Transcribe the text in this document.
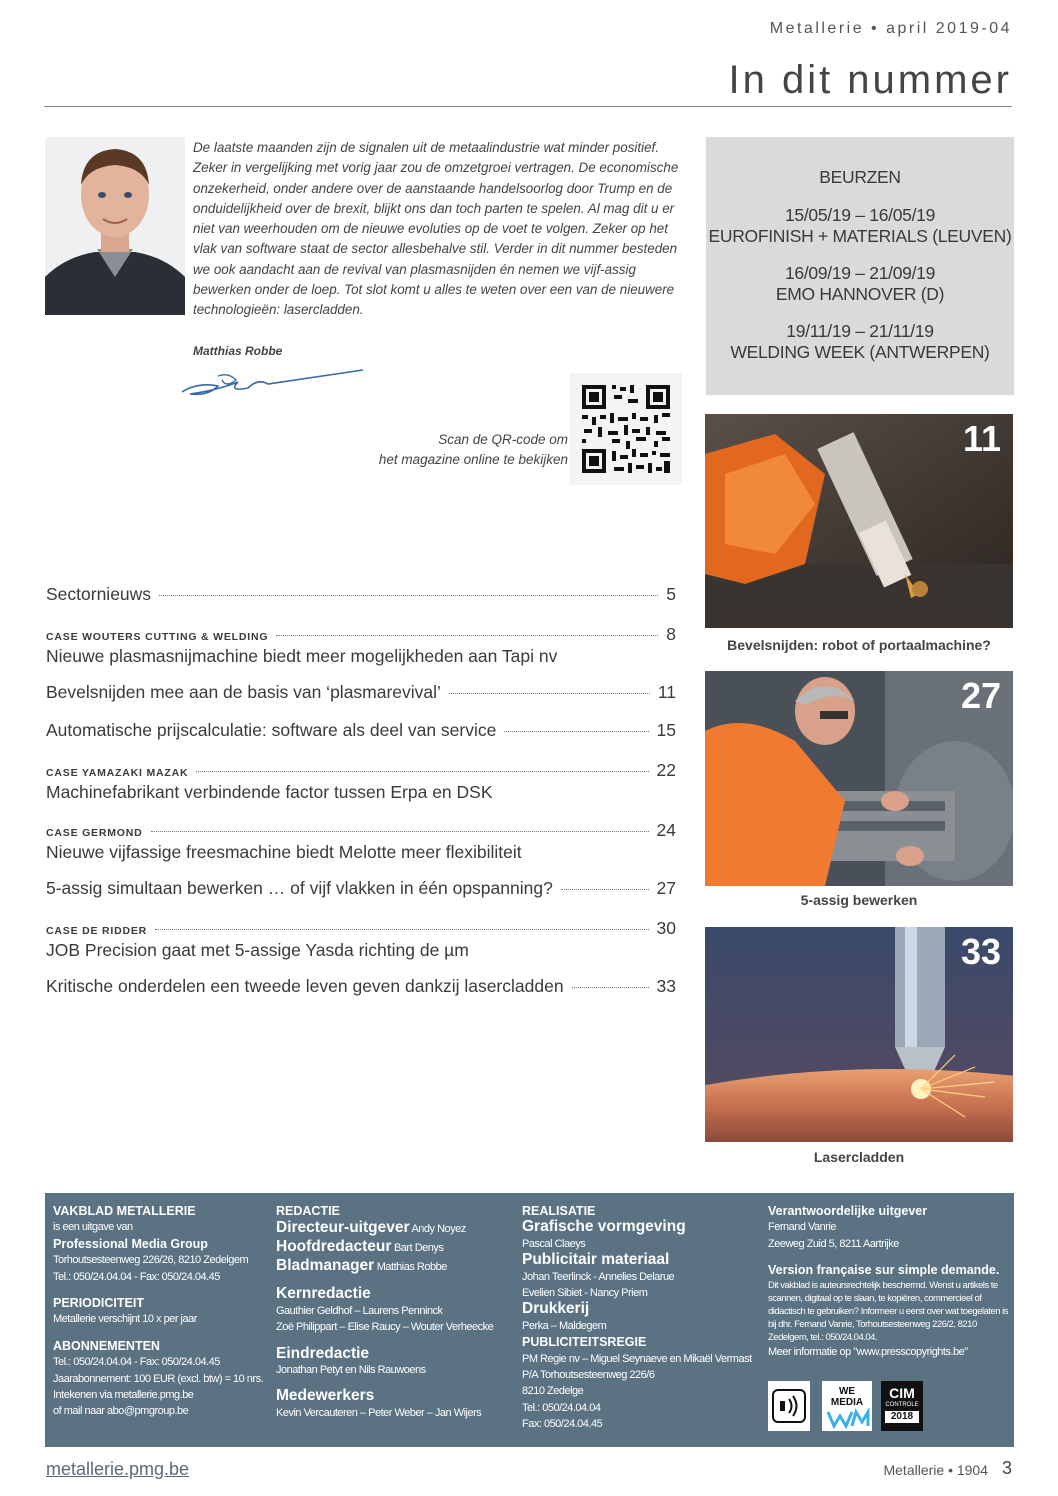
Metallerie • april 2019-04
In dit nummer
De laatste maanden zijn de signalen uit de metaalindustrie wat minder positief. Zeker in vergelijking met vorig jaar zou de omzetgroei vertragen. De economische onzekerheid, onder andere over de aanstaande handelsoorlog door Trump en de onduidelijkheid over de brexit, blijkt ons dan toch parten te spelen. Al mag dit u er niet van weerhouden om de nieuwe evoluties op de voet te volgen. Zeker op het vlak van software staat de sector allesbehalve stil. Verder in dit nummer besteden we ook aandacht aan de revival van plasmasnijden én nemen we vijf-assig bewerken onder de loep. Tot slot komt u alles te weten over een van de nieuwere technologieën: lasercladden.
Matthias Robbe
Scan de QR-code om
het magazine online te bekijken
BEURZEN
15/05/19 – 16/05/19
EUROFINISH + MATERIALS (LEUVEN)
16/09/19 – 21/09/19
EMO HANNOVER (D)
19/11/19 – 21/11/19
WELDING WEEK (ANTWERPEN)
Sectornieuws	5
CASE WOUTERS CUTTING & WELDING	8
Nieuwe plasmasnijmachine biedt meer mogelijkheden aan Tapi nv
Bevelsnijden mee aan de basis van ‘plasmarevival’	11
Automatische prijscalculatie: software als deel van service	15
CASE YAMAZAKI MAZAK	22
Machinefabrikant verbindende factor tussen Erpa en DSK
CASE GERMOND	24
Nieuwe vijfassige freesmachine biedt Melotte meer flexibiliteit
5-assig simultaan bewerken … of vijf vlakken in één opspanning?	27
CASE DE RIDDER	30
JOB Precision gaat met 5-assige Yasda richting de µm
Kritische onderdelen een tweede leven geven dankzij lasercladden	33
11
Bevelsnijden: robot of portaalmachine?
27
5-assig bewerken
33
Lasercladden
VAKBLAD METALLERIE
is een uitgave van
Professional Media Group
Torhoutsesteenweg 226/26, 8210 Zedelgem
Tel.: 050/24.04.04 - Fax: 050/24.04.45
PERIODICITEIT
Metallerie verschijnt 10 x per jaar
ABONNEMENTEN
Tel.: 050/24.04.04 - Fax: 050/24.04.45
Jaarabonnement: 100 EUR (excl. btw) = 10 nrs.
Intekenen via metallerie.pmg.be
of mail naar abo@pmgroup.be
REDACTIE
Directeur-uitgever Andy Noyez
Hoofdredacteur Bart Denys
Bladmanager Matthias Robbe
Kernredactie
Gauthier Geldhof – Laurens Penninck
Zoë Philippart – Elise Raucy – Wouter Verheecke
Eindredactie
Jonathan Petyt en Nils Rauwoens
Medewerkers
Kevin Vercauteren – Peter Weber – Jan Wijers
REALISATIE
Grafische vormgeving
Pascal Claeys
Publicitair materiaal
Johan Teerlinck - Annelies Delarue
Evelien Sibiet - Nancy Priem
Drukkerij
Perka – Maldegem
PUBLICITEITSREGIE
PM Regie nv – Miguel Seynaeve en Mikaël Vermast
P/A Torhoutsesteenweg 226/6
8210 Zedelge
Tel.: 050/24.04.04
Fax: 050/24.04.45
Verantwoordelijke uitgever
Fernand Vanrie
Zeeweg Zuid 5, 8211 Aartrijke
Version française sur simple demande.
Dit vakblad is auteursrechtelijk beschermd. Wenst u artikels te scannen, digitaal op te slaan, te kopiëren, commercieel of didactisch te gebruiken? Informeer u eerst over wat toegelaten is bij dhr. Fernand Vanrie, Torhoutsesteenweg 226/2, 8210 Zedelgem, tel.: 050/24.04.04.
Meer informatie op "www.presscopyrights.be"
WE MEDIA
CIM
CONTROLE
2018
metallerie.pmg.be	Metallerie • 1904 3
